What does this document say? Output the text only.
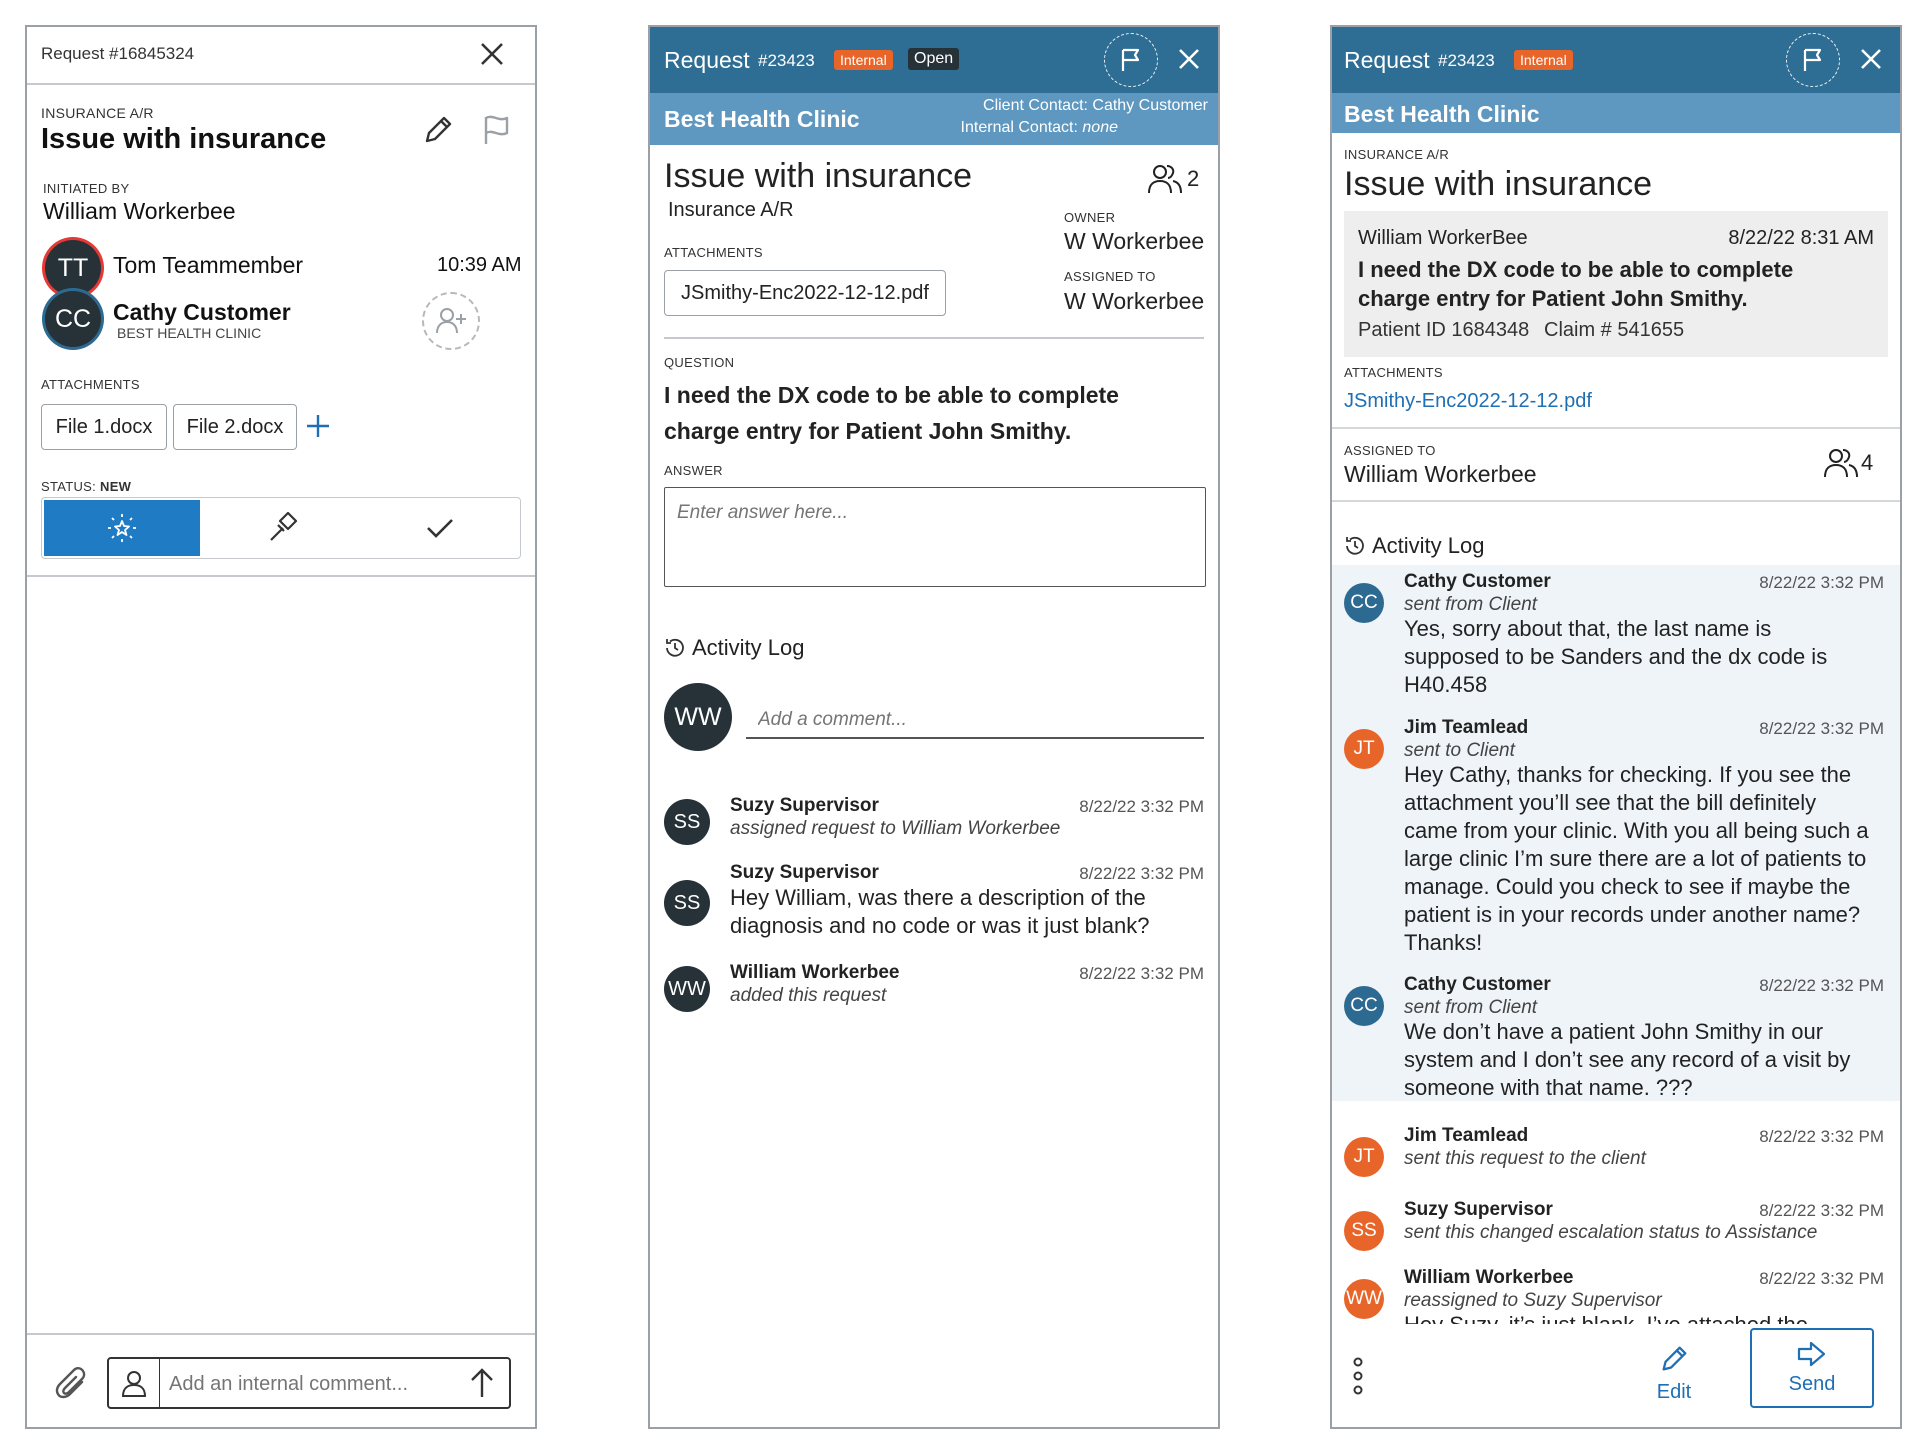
Request #16845324
INSURANCE A/R
Issue with insurance
INITIATED BY
William Workerbee
TT Tom Teammember	10:39 AM
CC Cathy Customer
BEST HEALTH CLINIC
ATTACHMENTS
File 1.docx File 2.docx
STATUS: NEW
Add an internal comment...
Request #23423	Internal	Open
Best Health Clinic
Client Contact: Cathy Customer
Internal Contact: none
Issue with insurance
Insurance A/R
2
ATTACHMENTS
JSmithy-Enc2022-12-12.pdf
OWNER
W Workerbee
ASSIGNED TO
W Workerbee
QUESTION
I need the DX code to be able to complete charge entry for Patient John Smithy.
ANSWER
Enter answer here...
Activity Log
WW
Add a comment...
SS
Suzy Supervisor	8/22/22 3:32 PM
assigned request to William Workerbee
SS
Suzy Supervisor	8/22/22 3:32 PM
Hey William, was there a description of the diagnosis and no code or was it just blank?
WW
William Workerbee	8/22/22 3:32 PM
added this request
Request #23423	Internal
Best Health Clinic
INSURANCE A/R
Issue with insurance
William WorkerBee	8/22/22 8:31 AM
I need the DX code to be able to complete charge entry for Patient John Smithy.
Patient ID 1684348 Claim # 541655
ATTACHMENTS
JSmithy-Enc2022-12-12.pdf
ASSIGNED TO
William Workerbee	4
Activity Log
CC
Cathy Customer	8/22/22 3:32 PM
sent from Client
Yes, sorry about that, the last name is supposed to be Sanders and the dx code is H40.458
JT
Jim Teamlead	8/22/22 3:32 PM
sent to Client
Hey Cathy, thanks for checking. If you see the attachment you’ll see that the bill definitely came from your clinic. With you all being such a large clinic I’m sure there are a lot of patients to manage. Could you check to see if maybe the patient is in your records under another name? Thanks!
CC
Cathy Customer	8/22/22 3:32 PM
sent from Client
We don’t have a patient John Smithy in our system and I don’t see any record of a visit by someone with that name. ???
JT
Jim Teamlead	8/22/22 3:32 PM
sent this request to the client
SS
Suzy Supervisor	8/22/22 3:32 PM
sent this changed escalation status to Assistance
WW
William Workerbee	8/22/22 3:32 PM
reassigned to Suzy Supervisor
Edit	Send
